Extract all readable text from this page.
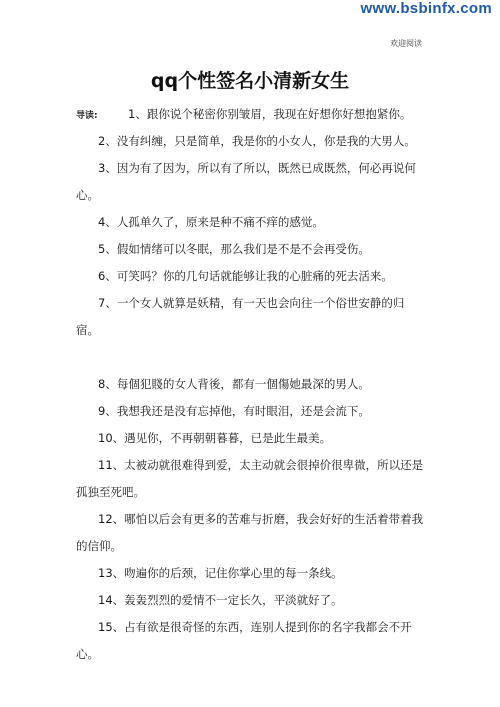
www.bsbinfx.com
欢迎阅读
qq个性签名小清新女生
导读:	1、跟你说个秘密你别皱眉，我现在好想你好想抱紧你。

2、没有纠缠，只是简单，我是你的小女人，你是我的大男人。

3、因为有了因为，所以有了所以，既然已成既然，何必再说何心。

4、人孤单久了，原来是种不痛不痒的感觉。

5、假如情绪可以冬眠，那么我们是不是不会再受伤。

6、可笑吗？你的几句话就能够让我的心脏痛的死去活来。

7、一个女人就算是妖精，有一天也会向往一个俗世安静的归宿。

8、每個犯賤的女人背後，都有一個傷她最深的男人。

9、我想我还是没有忘掉他，有时眼泪，还是会流下。

10、遇见你，不再朝朝暮暮，已是此生最美。

11、太被动就很难得到爱，太主动就会很掉价很卑微，所以还是孤独至死吧。

12、哪怕以后会有更多的苦难与折磨，我会好好的生活着带着我的信仰。

13、吻遍你的后颈，记住你掌心里的每一条线。

14、轰轰烈烈的爱情不一定长久，平淡就好了。

15、占有欲是很奇怪的东西，连别人提到你的名字我都会不开心。
